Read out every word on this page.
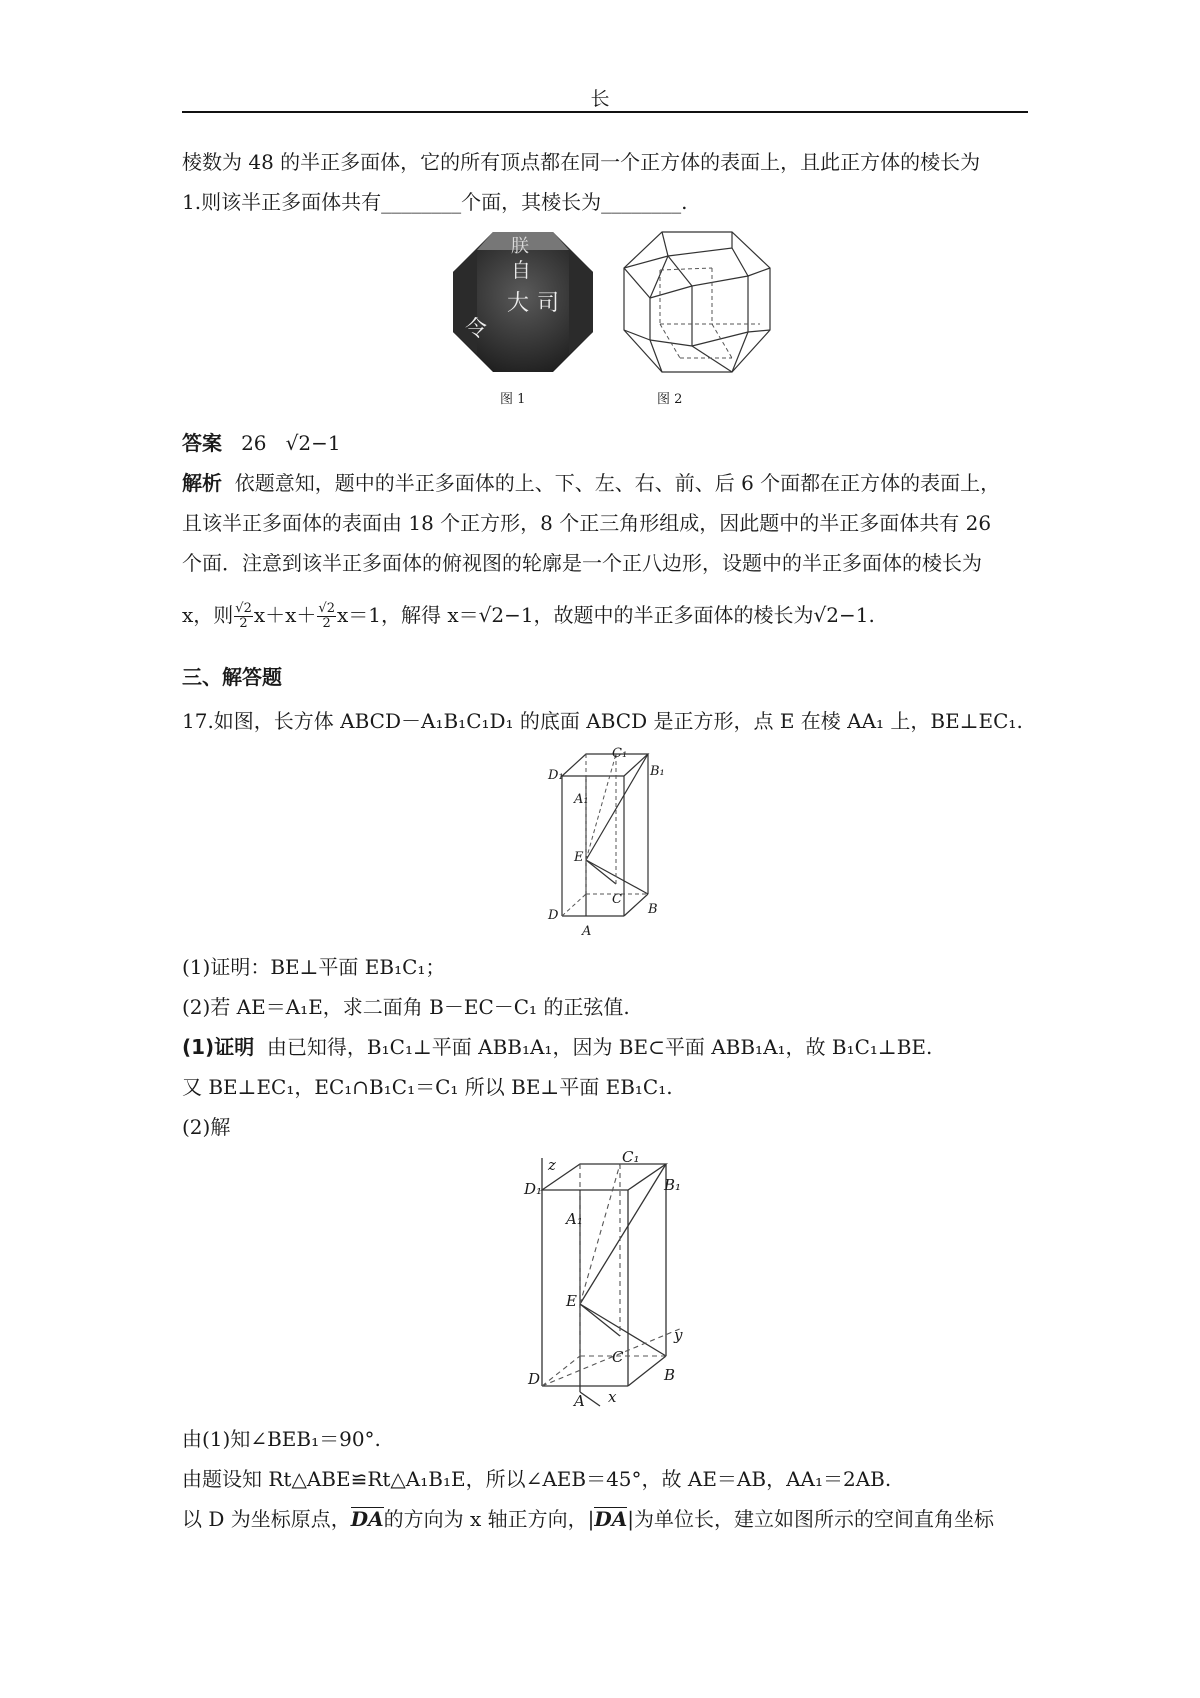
长
棱数为 48 的半正多面体，它的所有顶点都在同一个正方体的表面上，且此正方体的棱长为
1.则该半正多面体共有________个面，其棱长为________.
朕
自
大 司
令
图 1	图 2
答案 26 √2−1
解析 依题意知，题中的半正多面体的上、下、左、右、前、后 6 个面都在正方体的表面上，
且该半正多面体的表面由 18 个正方形，8 个正三角形组成，因此题中的半正多面体共有 26
个面．注意到该半正多面体的俯视图的轮廓是一个正八边形，设题中的半正多面体的棱长为
x，则 $\frac{√2}{2} x+x+ \frac{√2}{2} x=1$，解得 x＝√2−1，故题中的半正多面体的棱长为√2−1.
三、解答题
17.如图，长方体 ABCD－A₁B₁C₁D₁ 的底面 ABCD 是正方形，点 E 在棱 AA₁ 上，BE⊥EC₁.
D₁
C₁
B₁
A₁
E
C
D	B
A
(1)证明：BE⊥平面 EB₁C₁；
(2)若 AE＝A₁E，求二面角 B－EC－C₁ 的正弦值.
(1)证明 由已知得，B₁C₁⊥平面 ABB₁A₁，因为 BE⊂平面 ABB₁A₁，故 B₁C₁⊥BE.
又 BE⊥EC₁，EC₁∩B₁C₁＝C₁ 所以 BE⊥平面 EB₁C₁.
(2)解
z
D₁
C₁
B₁
A₁
E
y
C
D	B
A x
由(1)知∠BEB₁＝90°.
由题设知 Rt△ABE≌Rt△A₁B₁E，所以∠AEB＝45°，故 AE＝AB，AA₁＝2AB.
以 D 为坐标原点，DA的方向为 x 轴正方向，|DA|为单位长，建立如图所示的空间直角坐标
